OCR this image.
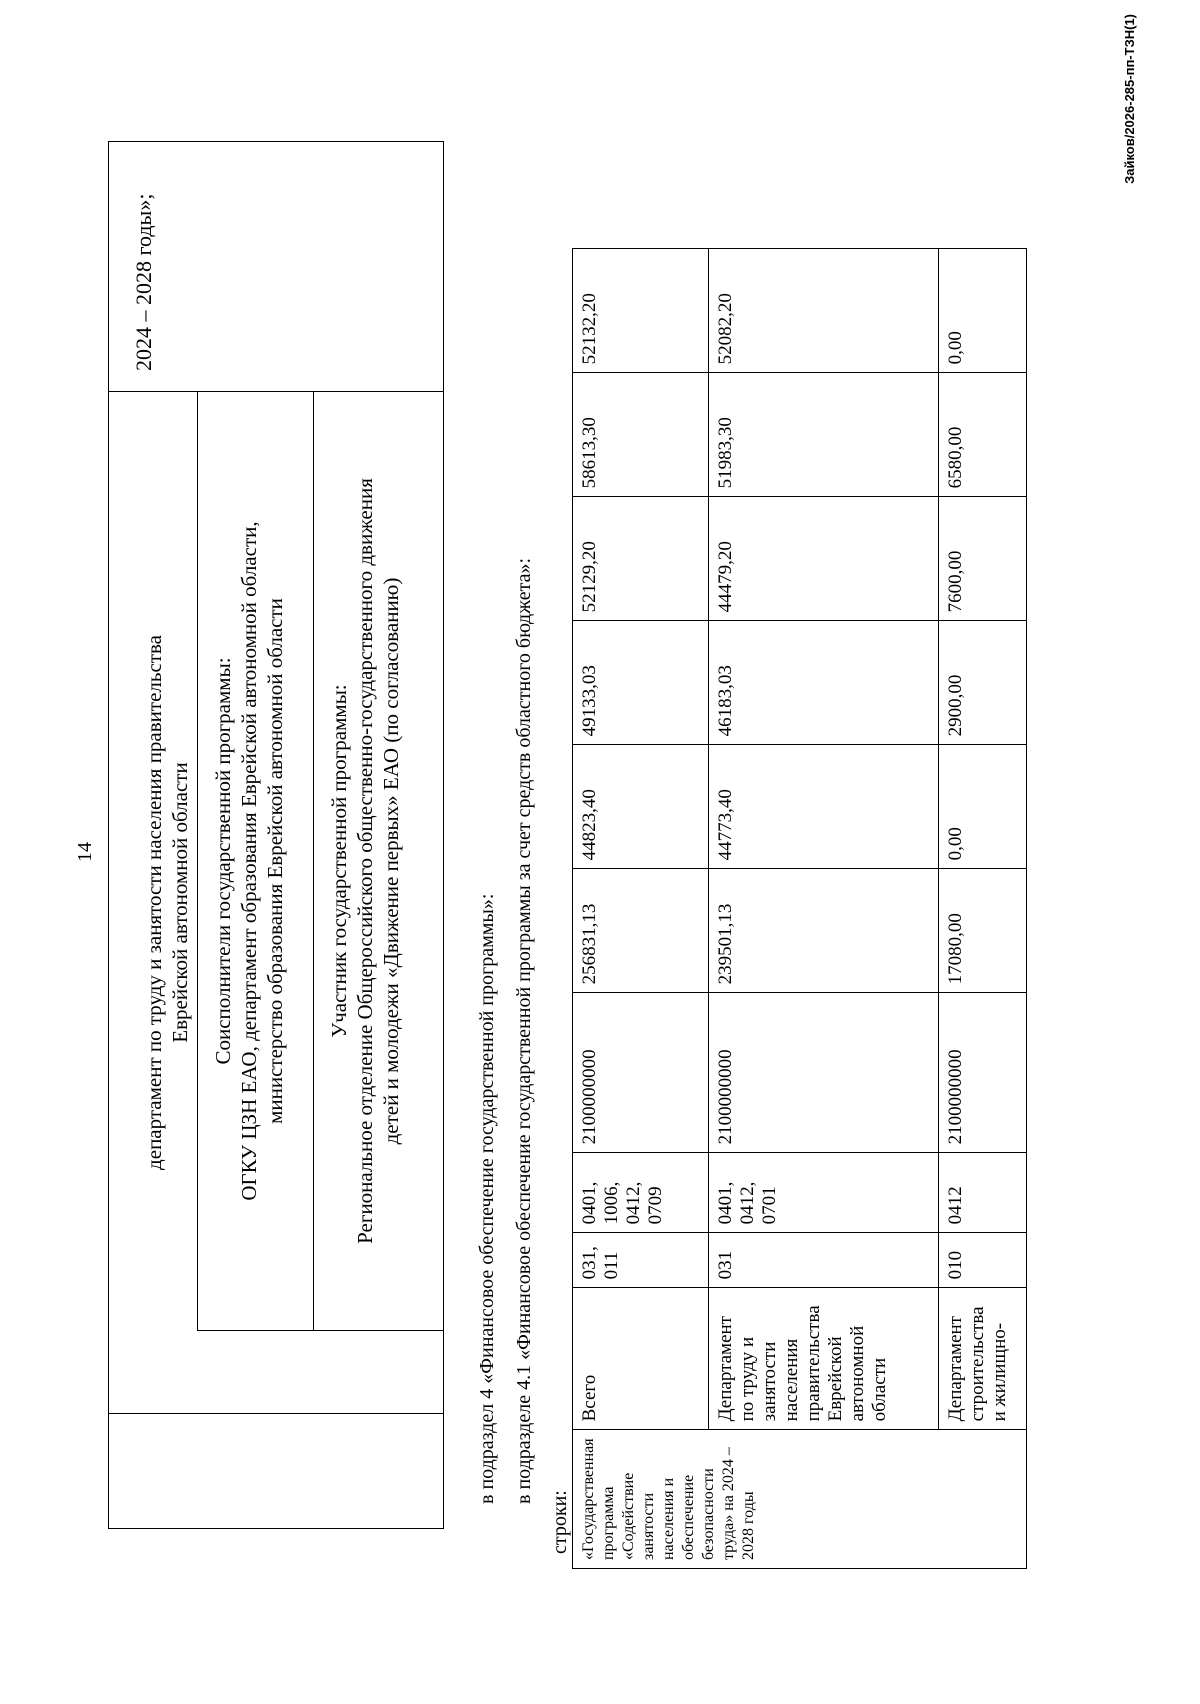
14 департамент по труду и занятости населения правительства Еврейской автономной области Соисполнители государственной программы: ОГКУ ЦЗН ЕАО, департамент образования Еврейской автономной области, министерство образования Еврейской автономной области Участник государственной программы: Региональное отделение Общероссийского общественно-государственного движения детей и молодежи «Движение первых» ЕАО (по согласованию)
2024 – 2028 годы»;
в подраздел 4 «Финансовое обеспечение государственной программы»: в подразделе 4.1 «Финансовое обеспечение государственной программы за счет средств областного бюджета»:
строки: «Государственная программа «Содействие занятости населения и обеспечение безопасности труда» на 2024 – 2028 годы	Всего	031, 011	0401, 1006, 0412, 0709	2100000000	256831,13	44823,40	49133,03	52129,20	58613,30	52132,20
	Департамент по труду и занятости населения правительства Еврейской автономной области	031	0401, 0412, 0701	2100000000	239501,13	44773,40	46183,03	44479,20	51983,30	52082,20
	Департамент строительства и жилищно-	010	0412	2100000000	17080,00	0,00	2900,00	7600,00	6580,00	0,00
Зайков/2026-285-пп-ТЗН(1)
